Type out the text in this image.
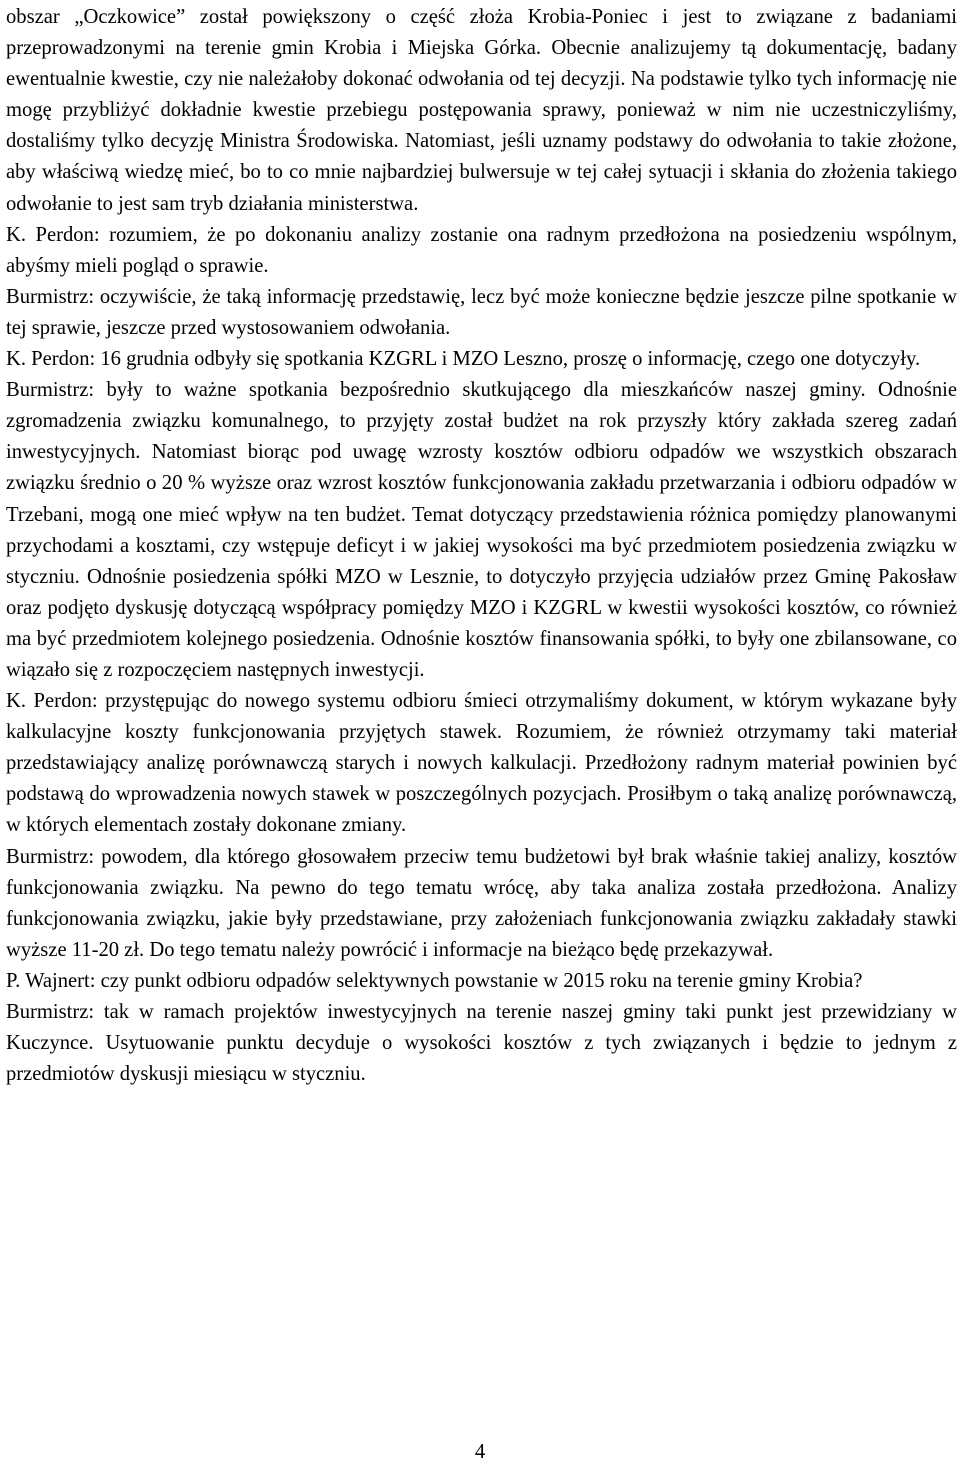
obszar „Oczkowice” został powiększony o część złoża Krobia-Poniec i jest to związane z badaniami przeprowadzonymi na terenie gmin Krobia i Miejska Górka. Obecnie analizujemy tą dokumentację, badany ewentualnie kwestie, czy nie należałoby dokonać odwołania od tej decyzji. Na podstawie tylko tych informację nie mogę przybliżyć dokładnie kwestie przebiegu postępowania sprawy, ponieważ w nim nie uczestniczyliśmy, dostaliśmy tylko decyzję Ministra Środowiska. Natomiast, jeśli uznamy podstawy do odwołania to takie złożone, aby właściwą wiedzę mieć, bo to co mnie najbardziej bulwersuje w tej całej sytuacji i skłania do złożenia takiego odwołanie to jest sam tryb działania ministerstwa.

K. Perdon: rozumiem, że po dokonaniu analizy zostanie ona radnym przedłożona na posiedzeniu wspólnym, abyśmy mieli pogląd o sprawie.

Burmistrz: oczywiście, że taką informację przedstawię, lecz być może konieczne będzie jeszcze pilne spotkanie w tej sprawie, jeszcze przed wystosowaniem odwołania.

K. Perdon: 16 grudnia odbyły się spotkania KZGRL i MZO Leszno, proszę o informację, czego one dotyczyły.

Burmistrz: były to ważne spotkania bezpośrednio skutkującego dla mieszkańców naszej gminy. Odnośnie zgromadzenia związku komunalnego, to przyjęty został budżet na rok przyszły który zakłada szereg zadań inwestycyjnych. Natomiast biorąc pod uwagę wzrosty kosztów odbioru odpadów we wszystkich obszarach związku średnio o 20 % wyższe oraz wzrost kosztów funkcjonowania zakładu przetwarzania i odbioru odpadów w Trzebani, mogą one mieć wpływ na ten budżet. Temat dotyczący przedstawienia różnica pomiędzy planowanymi przychodami a kosztami, czy wstępuje deficyt i w jakiej wysokości ma być przedmiotem posiedzenia związku w styczniu. Odnośnie posiedzenia spółki MZO w Lesznie, to dotyczyło przyjęcia udziałów przez Gminę Pakosław oraz podjęto dyskusję dotyczącą współpracy pomiędzy MZO i KZGRL w kwestii wysokości kosztów, co również ma być przedmiotem kolejnego posiedzenia. Odnośnie kosztów finansowania spółki, to były one zbilansowane, co wiązało się z rozpoczęciem następnych inwestycji.

K. Perdon: przystępując do nowego systemu odbioru śmieci otrzymaliśmy dokument, w którym wykazane były kalkulacyjne koszty funkcjonowania przyjętych stawek. Rozumiem, że również otrzymamy taki materiał przedstawiający analizę porównawczą starych i nowych kalkulacji. Przedłożony radnym materiał powinien być podstawą do wprowadzenia nowych stawek w poszczególnych pozycjach. Prosiłbym o taką analizę porównawczą, w których elementach zostały dokonane zmiany.

Burmistrz: powodem, dla którego głosowałem przeciw temu budżetowi był brak właśnie takiej analizy, kosztów funkcjonowania związku. Na pewno do tego tematu wrócę, aby taka analiza została przedłożona. Analizy funkcjonowania związku, jakie były przedstawiane, przy założeniach funkcjonowania związku zakładały stawki wyższe 11-20 zł. Do tego tematu należy powrócić i informacje na bieżąco będę przekazywał.

P. Wajnert: czy punkt odbioru odpadów selektywnych powstanie w 2015 roku na terenie gminy Krobia?

Burmistrz: tak w ramach projektów inwestycyjnych na terenie naszej gminy taki punkt jest przewidziany w Kuczynce. Usytuowanie punktu decyduje o wysokości kosztów z tych związanych i będzie to jednym z przedmiotów dyskusji miesiącu w styczniu.

4
